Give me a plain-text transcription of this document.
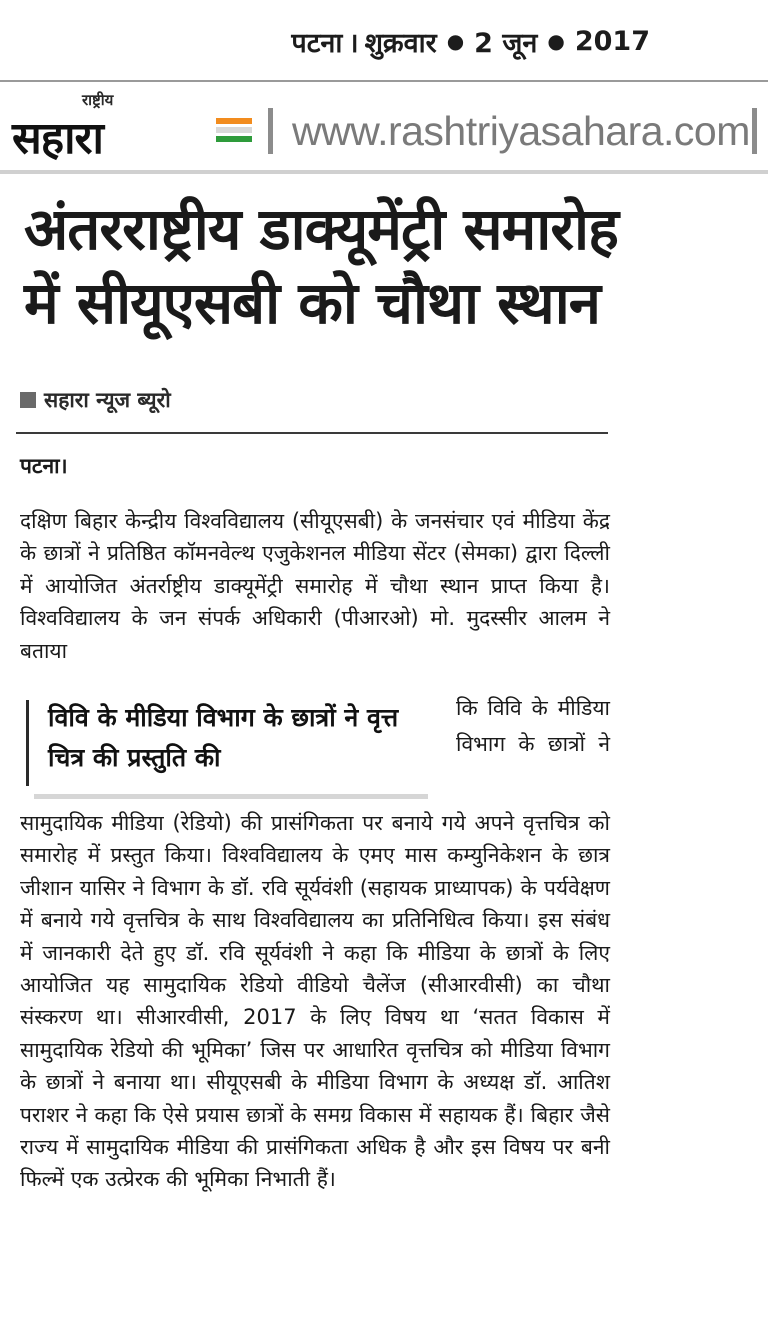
पटना । शुक्रवार ● 2 जून ● 2017
राष्ट्रीय
सहारा	www.rashtriyasahara.com
अंतरराष्ट्रीय डाक्यूमेंट्री समारोह में सीयूएसबी को चौथा स्थान
सहारा न्यूज ब्यूरो
पटना।

दक्षिण बिहार केन्द्रीय विश्वविद्यालय (सीयूएसबी) के जनसंचार एवं मीडिया केंद्र के छात्रों ने प्रतिष्ठित कॉमनवेल्थ एजुकेशनल मीडिया सेंटर (सेमका) द्वारा दिल्ली में आयोजित अंतर्राष्ट्रीय डाक्यूमेंट्री समारोह में चौथा स्थान प्राप्त किया है। विश्वविद्यालय के जन संपर्क अधिकारी (पीआरओ) मो. मुदस्सीर आलम ने बताया

विवि के मीडिया विभाग के छात्रों ने वृत्त चित्र की प्रस्तुति की

कि विवि के मीडिया विभाग के छात्रों ने

सामुदायिक मीडिया (रेडियो) की प्रासंगिकता पर बनाये गये अपने वृत्तचित्र को समारोह में प्रस्तुत किया। विश्वविद्यालय के एमए मास कम्युनिकेशन के छात्र जीशान यासिर ने विभाग के डॉ. रवि सूर्यवंशी (सहायक प्राध्यापक) के पर्यवेक्षण में बनाये गये वृत्तचित्र के साथ विश्वविद्यालय का प्रतिनिधित्व किया। इस संबंध में जानकारी देते हुए डॉ. रवि सूर्यवंशी ने कहा कि मीडिया के छात्रों के लिए आयोजित यह सामुदायिक रेडियो वीडियो चैलेंज (सीआरवीसी) का चौथा संस्करण था। सीआरवीसी, 2017 के लिए विषय था ‘सतत विकास में सामुदायिक रेडियो की भूमिका’ जिस पर आधारित वृत्तचित्र को मीडिया विभाग के छात्रों ने बनाया था। सीयूएसबी के मीडिया विभाग के अध्यक्ष डॉ. आतिश पराशर ने कहा कि ऐसे प्रयास छात्रों के समग्र विकास में सहायक हैं। बिहार जैसे राज्य में सामुदायिक मीडिया की प्रासंगिकता अधिक है और इस विषय पर बनी फिल्में एक उत्प्रेरक की भूमिका निभाती हैं।
